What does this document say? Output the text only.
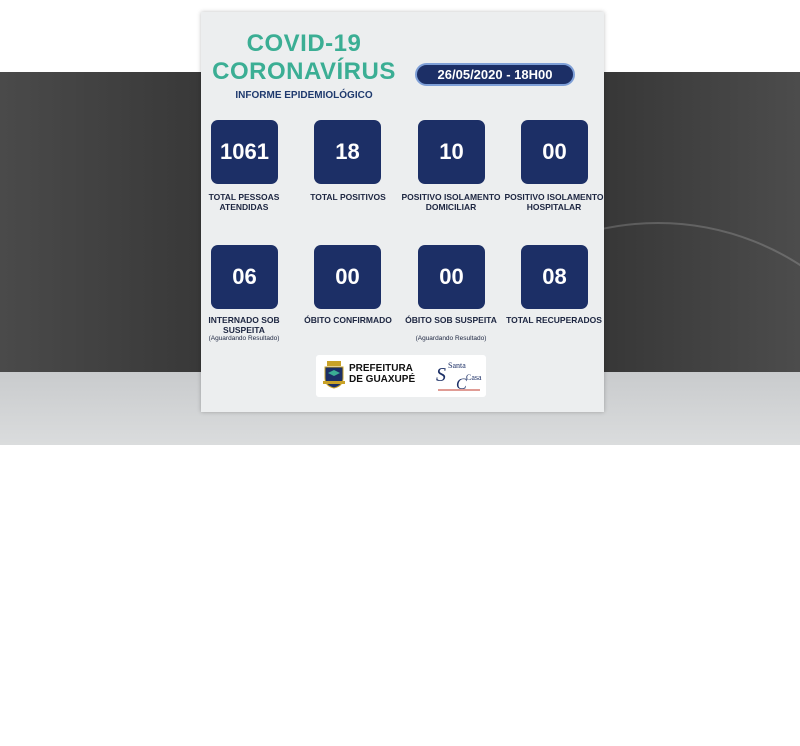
COVID-19
CORONAVÍRUS
INFORME EPIDEMIOLÓGICO
26/05/2020 - 18H00
1061	18	10	00
TOTAL PESSOAS ATENDIDAS
TOTAL POSITIVOS	POSITIVO ISOLAMENTO DOMICILIAR
POSITIVO ISOLAMENTO HOSPITALAR
06	00	00	08
INTERNADO SOB SUSPEITA
(Aguardando Resultado)
ÓBITO CONFIRMADO	ÓBITO SOB SUSPEITA
(Aguardando Resultado)
TOTAL RECUPERADOS
PREFEITURA DE GUAXUPÉ	S C
Santa
Casa
